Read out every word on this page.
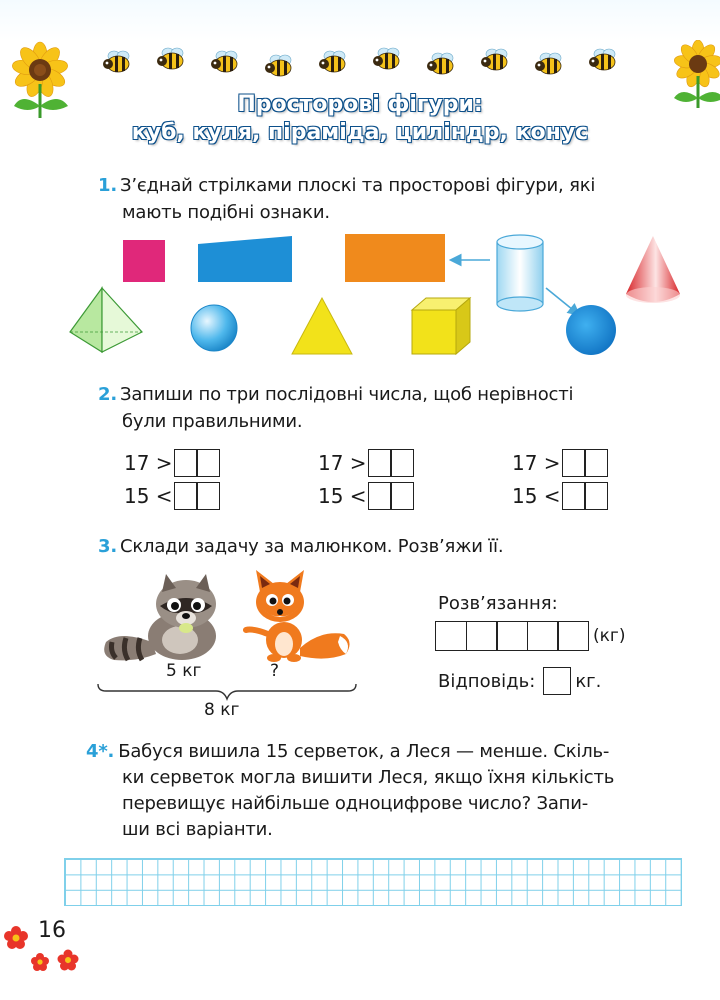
Просторові фігури:
куб, куля, піраміда, циліндр, конус
1. З’єднай стрілками плоскі та просторові фігури, які
мають подібні ознаки.
2. Запиши по три послідовні числа, щоб нерівності
були правильними.
17 >
15 <
17 >
15 <
17 >
15 <
3. Склади задачу за малюнком. Розв’яжи її.
5 кг	?
8 кг
Розв’язання:
(кг)
Відповідь: кг.
4*. Бабуся вишила 15 серветок, а Леся — менше. Скіль-
ки серветок могла вишити Леся, якщо їхня кількість
перевищує найбільше одноцифрове число? Запи-
ши всі варіанти.
16
